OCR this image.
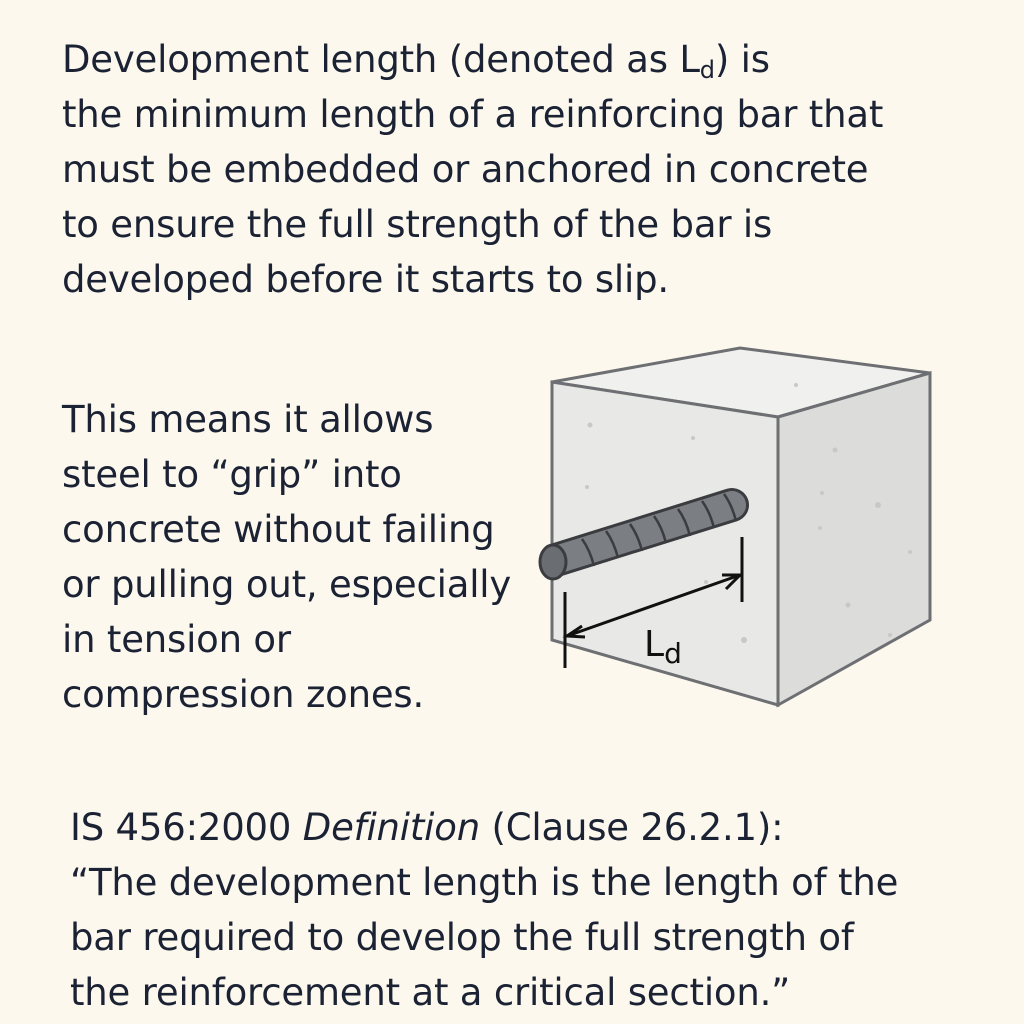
Development length (denoted as $L_d$) is
the minimum length of a reinforcing bar that
must be embedded or anchored in concrete
to ensure the full strength of the bar is
developed before it starts to slip.
This means it allows
steel to “grip” into
concrete without failing
or pulling out, especially
in tension or
compression zones.
Ld
IS 456:2000 Definition (Clause 26.2.1):
“The development length is the length of the
bar required to develop the full strength of
the reinforcement at a critical section.”
